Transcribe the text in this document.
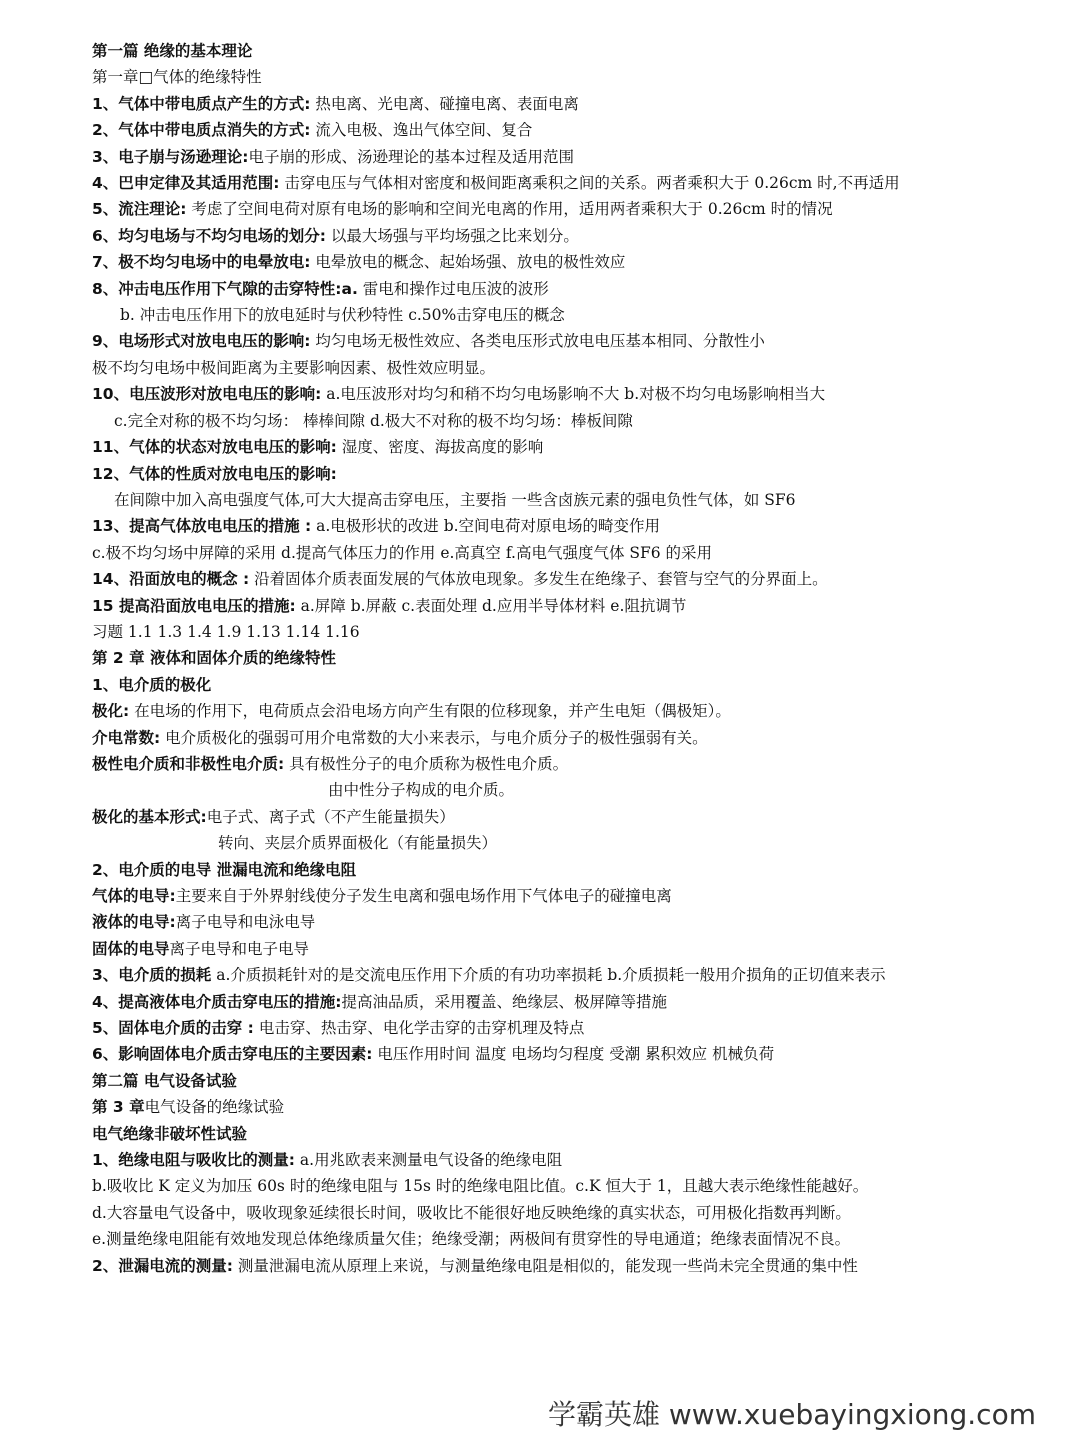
第一篇 绝缘的基本理论
第一章□气体的绝缘特性
1、气体中带电质点产生的方式: 热电离、光电离、碰撞电离、表面电离
2、气体中带电质点消失的方式: 流入电极、逸出气体空间、复合
3、电子崩与汤逊理论:电子崩的形成、汤逊理论的基本过程及适用范围
4、巴申定律及其适用范围: 击穿电压与气体相对密度和极间距离乘积之间的关系。两者乘积大于 0.26cm 时,不再适用
5、流注理论: 考虑了空间电荷对原有电场的影响和空间光电离的作用，适用两者乘积大于 0.26cm 时的情况
6、均匀电场与不均匀电场的划分: 以最大场强与平均场强之比来划分。
7、极不均匀电场中的电晕放电: 电晕放电的概念、起始场强、放电的极性效应
8、冲击电压作用下气隙的击穿特性:a. 雷电和操作过电压波的波形
b. 冲击电压作用下的放电延时与伏秒特性 c.50%击穿电压的概念
9、电场形式对放电电压的影响: 均匀电场无极性效应、各类电压形式放电电压基本相同、分散性小
极不均匀电场中极间距离为主要影响因素、极性效应明显。
10、电压波形对放电电压的影响: a.电压波形对均匀和稍不均匀电场影响不大 b.对极不均匀电场影响相当大
c.完全对称的极不均匀场： 棒棒间隙 d.极大不对称的极不均匀场：棒板间隙
11、气体的状态对放电电压的影响: 湿度、密度、海拔高度的影响
12、气体的性质对放电电压的影响:
在间隙中加入高电强度气体,可大大提高击穿电压，主要指 一些含卤族元素的强电负性气体，如 SF6
13、提高气体放电电压的措施 : a.电极形状的改进 b.空间电荷对原电场的畸变作用
c.极不均匀场中屏障的采用 d.提高气体压力的作用 e.高真空 f.高电气强度气体 SF6 的采用
14、沿面放电的概念 : 沿着固体介质表面发展的气体放电现象。多发生在绝缘子、套管与空气的分界面上。
15 提高沿面放电电压的措施: a.屏障 b.屏蔽 c.表面处理 d.应用半导体材料 e.阻抗调节
习题 1.1 1.3 1.4 1.9 1.13 1.14 1.16
第 2 章 液体和固体介质的绝缘特性
1、电介质的极化
极化: 在电场的作用下，电荷质点会沿电场方向产生有限的位移现象，并产生电矩（偶极矩）。
介电常数: 电介质极化的强弱可用介电常数的大小来表示，与电介质分子的极性强弱有关。
极性电介质和非极性电介质: 具有极性分子的电介质称为极性电介质。
由中性分子构成的电介质。
极化的基本形式:电子式、离子式（不产生能量损失）
转向、夹层介质界面极化（有能量损失）
2、电介质的电导 泄漏电流和绝缘电阻
气体的电导:主要来自于外界射线使分子发生电离和强电场作用下气体电子的碰撞电离
液体的电导:离子电导和电泳电导
固体的电导离子电导和电子电导
3、电介质的损耗 a.介质损耗针对的是交流电压作用下介质的有功功率损耗 b.介质损耗一般用介损角的正切值来表示
4、提高液体电介质击穿电压的措施:提高油品质，采用覆盖、绝缘层、极屏障等措施
5、固体电介质的击穿 : 电击穿、热击穿、电化学击穿的击穿机理及特点
6、影响固体电介质击穿电压的主要因素: 电压作用时间 温度 电场均匀程度 受潮 累积效应 机械负荷
第二篇 电气设备试验
第 3 章电气设备的绝缘试验
电气绝缘非破坏性试验
1、绝缘电阻与吸收比的测量: a.用兆欧表来测量电气设备的绝缘电阻
b.吸收比 K 定义为加压 60s 时的绝缘电阻与 15s 时的绝缘电阻比值。c.K 恒大于 1，且越大表示绝缘性能越好。
d.大容量电气设备中，吸收现象延续很长时间，吸收比不能很好地反映绝缘的真实状态，可用极化指数再判断。
e.测量绝缘电阻能有效地发现总体绝缘质量欠佳；绝缘受潮；两极间有贯穿性的导电通道；绝缘表面情况不良。
2、泄漏电流的测量: 测量泄漏电流从原理上来说，与测量绝缘电阻是相似的，能发现一些尚未完全贯通的集中性
学霸英雄 www.xuebayingxiong.com
